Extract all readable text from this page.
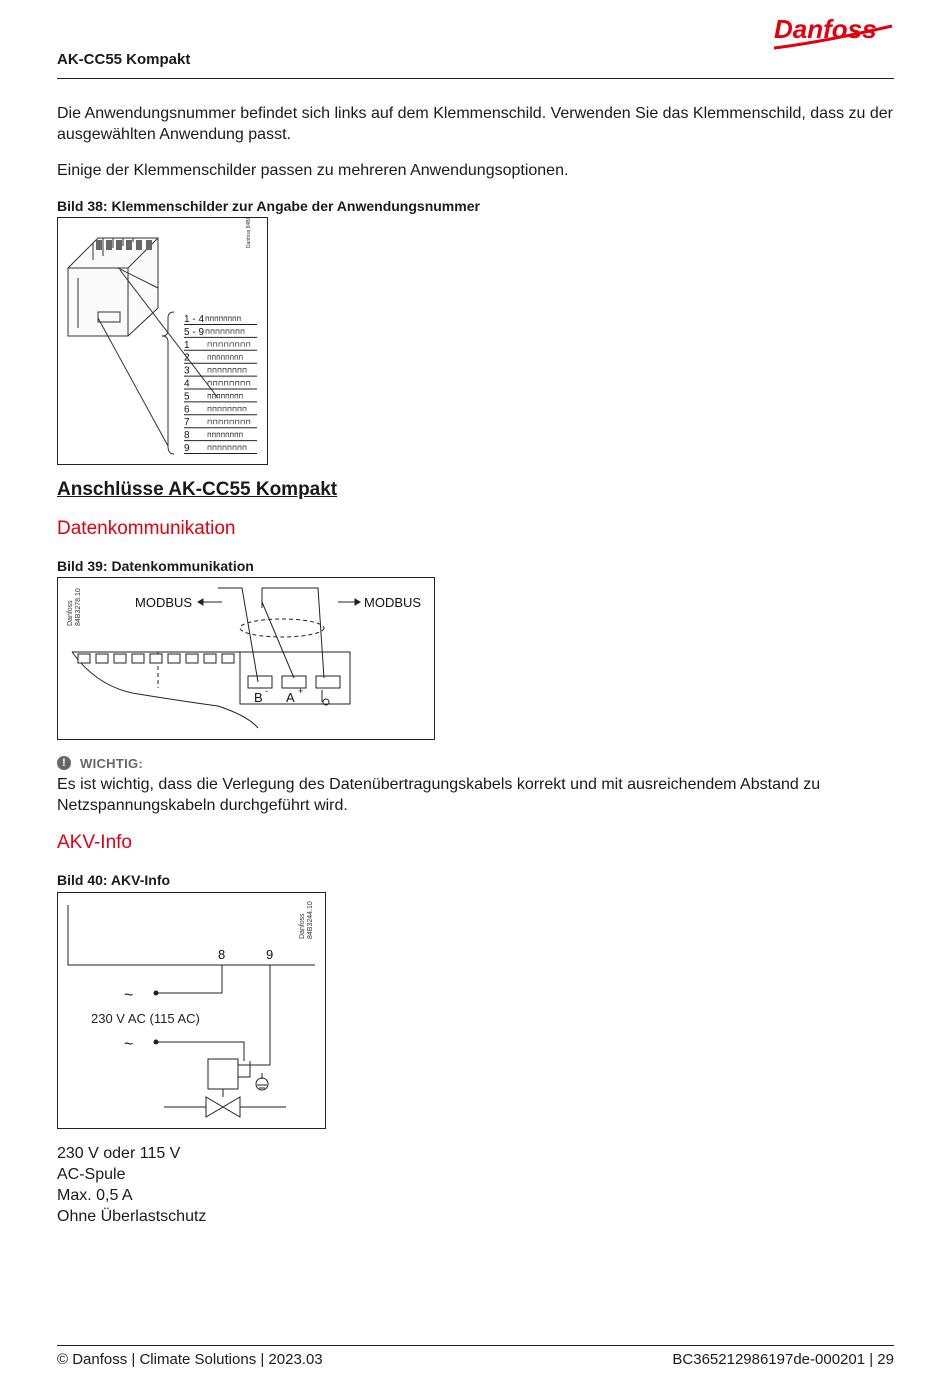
AK-CC55 Kompakt
Danfoss
Die Anwendungsnummer befindet sich links auf dem Klemmenschild. Verwenden Sie das Klemmenschild, dass zu der ausgewählten Anwendung passt.
Einige der Klemmenschilder passen zu mehreren Anwendungsoptionen.
Bild 38: Klemmenschilder zur Angabe der Anwendungsnummer
Danfoss 84B8294
1 - 4
5 - 9
1
2
3
4
5
6
7
8
9
Anschlüsse AK-CC55 Kompakt
Datenkommunikation
Bild 39: Datenkommunikation
Danfoss 84B3278.10	MODBUS	MODBUS
B - A +
!	WICHTIG:
Es ist wichtig, dass die Verlegung des Datenübertragungskabels korrekt und mit ausreichendem Abstand zu Netzspannungskabeln durchgeführt wird.
AKV-Info
Bild 40: AKV-Info
Danfoss 84B3244.10
8	9
~
230 V AC (115 AC)
~
230 V oder 115 V
AC-Spule
Max. 0,5 A
Ohne Überlastschutz
© Danfoss | Climate Solutions | 2023.03	BC365212986197de-000201 | 29
